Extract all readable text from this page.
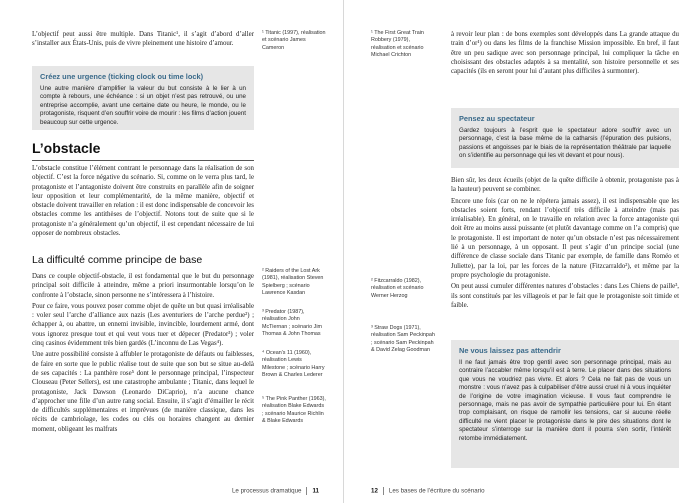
L’objectif peut aussi être multiple. Dans Titanic¹, il s’agit d’abord d’aller s’installer aux États-Unis, puis de vivre pleinement une histoire d’amour.

¹ Titanic (1997), réalisation et scénario James Cameron
Créez une urgence (ticking clock ou time lock)
Une autre manière d’amplifier la valeur du but consiste à le lier à un compte à rebours, une échéance : si un objet n’est pas retrouvé, ou une entreprise accomplie, avant une certaine date ou heure, le monde, ou le protagoniste, risquent d’en souffrir voire de mourir : les films d’action jouent beaucoup sur cette urgence.
L’obstacle

L’obstacle constitue l’élément contrant le personnage dans la réalisation de son objectif. C’est la force négative du scénario. Si, comme on le verra plus tard, le protagoniste et l’antagoniste doivent être construits en parallèle afin de soigner leur opposition et leur complémentarité, de la même manière, objectif et obstacle doivent travailler en relation : il est donc indispensable de concevoir les obstacles comme les antithèses de l’objectif. Notons tout de suite que si le protagoniste n’a généralement qu’un objectif, il est cependant nécessaire de lui opposer de nombreux obstacles.

La difficulté comme principe de base

Dans ce couple objectif-obstacle, il est fondamental que le but du personnage principal soit difficile à atteindre, même a priori insurmontable lorsqu’on le confronte à l’obstacle, sinon personne ne s’intéressera à l’histoire.

Pour ce faire, vous pouvez poser comme objet de quête un but quasi irréalisable : voler seul l’arche d’alliance aux nazis (Les aventuriers de l’arche perdue²) ; échapper à, ou abattre, un ennemi invisible, invincible, lourdement armé, dont vous ignorez presque tout et qui veut vous tuer et dépecer (Predator³) ; voler cinq casinos évidemment très bien gardés (L’inconnu de Las Vegas⁴).

Une autre possibilité consiste à affubler le protagoniste de défauts ou faiblesses, de faire en sorte que le public réalise tout de suite que son but se situe au-delà de ses capacités : La panthère rose⁵ dont le personnage principal, l’inspecteur Clouseau (Peter Sellers), est une catastrophe ambulante ; Titanic, dans lequel le protagoniste, Jack Dawson (Leonardo DiCaprio), n’a aucune chance d’approcher une fille d’un autre rang social. Ensuite, il s’agit d’émailler le récit de difficultés supplémentaires et imprévues (de manière classique, dans les récits de cambriolage, les codes ou clés ou horaires changent au dernier moment, obligeant les malfrats

² Raiders of the Lost Ark (1981), réalisation Steven Spielberg ; scénario Lawrence Kasdan
³ Predator (1987), réalisation John McTiernan ; scénario Jim Thomas & John Thomas
⁴ Ocean’s 11 (1960), réalisation Lewis Milestone ; scénario Harry Brown & Charles Lederer
⁵ The Pink Panther (1963), réalisation Blake Edwards ; scénario Maurice Richlin & Blake Edwards
Le processus dramatique 11
¹ The First Great Train Robbery (1979), réalisation et scénario Michael Crichton

à revoir leur plan : de bons exemples sont développés dans La grande attaque du train d’or¹) ou dans les films de la franchise Mission impossible. En bref, il faut être un peu sadique avec son personnage principal, lui compliquer la tâche en choisissant des obstacles adaptés à sa mentalité, son histoire personnelle et ses capacités (ils en seront pour lui d’autant plus difficiles à surmonter).

Pensez au spectateur
Gardez toujours à l’esprit que le spectateur adore souffrir avec un personnage, c’est la base même de la catharsis (l’épuration des pulsions, passions et angoisses par le biais de la représentation théâtrale par laquelle on s’identifie au personnage qui les vit devant et pour nous).

Bien sûr, les deux écueils (objet de la quête difficile à obtenir, protagoniste pas à la hauteur) peuvent se combiner.

Encore une fois (car on ne le répétera jamais assez), il est indispensable que les obstacles soient forts, rendant l’objectif très difficile à atteindre (mais pas irréalisable). En général, on le travaille en relation avec la force antagoniste qui doit être au moins aussi puissante (et plutôt davantage comme on l’a compris) que le protagoniste. Il est important de noter qu’un obstacle n’est pas nécessairement lié à un personnage, à un opposant. Il peut s’agir d’un principe social (une différence de classe sociale dans Titanic par exemple, de famille dans Roméo et Juliette), par la loi, par les forces de la nature (Fitzcarraldo²), et même par la propre psychologie du protagoniste.

On peut aussi cumuler différentes natures d’obstacles : dans Les Chiens de paille³, ils sont constitués par les villageois et par le fait que le protagoniste soit timide et faible.

² Fitzcarraldo (1982), réalisation et scénario Werner Herzog
³ Straw Dogs (1971), réalisation Sam Peckinpah ; scénario Sam Peckinpah & David Zelag Goodman	Ne vous laissez pas attendrir
Il ne faut jamais être trop gentil avec son personnage principal, mais au contraire l’accabler même lorsqu’il est à terre. Le placer dans des situations que vous ne voudriez pas vivre. Et alors ? Cela ne fait pas de vous un monstre : vous n’avez pas à culpabiliser d’être aussi cruel ni à vous inquiéter de l’origine de votre imagination vicieuse. Il vous faut comprendre le personnage, mais ne pas avoir de sympathie particulière pour lui. En étant trop complaisant, on risque de ramollir les tensions, car si aucune réelle difficulté ne vient placer le protagoniste dans le pire des situations dont le spectateur s’interroge sur la manière dont il pourra s’en sortir, l’intérêt retombe immédiatement.
12 Les bases de l’écriture du scénario
